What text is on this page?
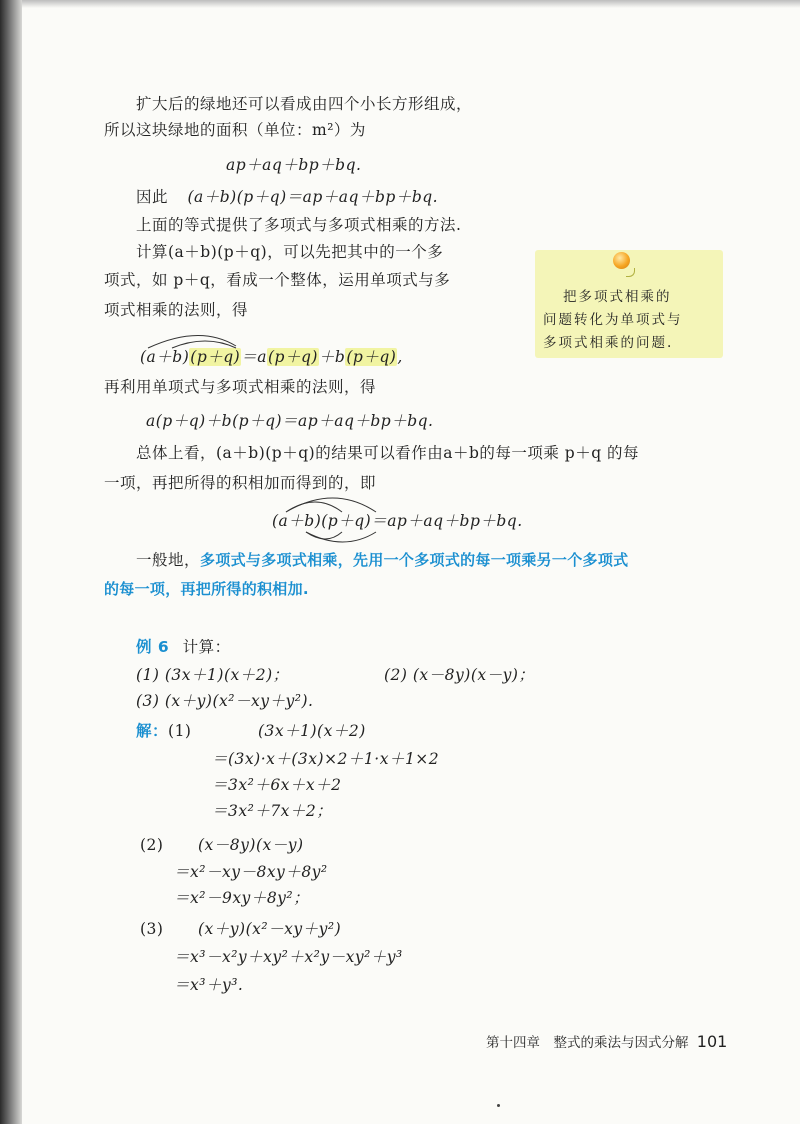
扩大后的绿地还可以看成由四个小长方形组成，
所以这块绿地的面积（单位：m²）为
ap＋aq＋bp＋bq.
因此 (a＋b)(p＋q)＝ap＋aq＋bp＋bq.
上面的等式提供了多项式与多项式相乘的方法.
计算(a＋b)(p＋q)，可以先把其中的一个多
项式，如 p＋q，看成一个整体，运用单项式与多
项式相乘的法则，得
(a＋b)(p＋q)＝a(p＋q)＋b(p＋q),
再利用单项式与多项式相乘的法则，得
a(p＋q)＋b(p＋q)＝ap＋aq＋bp＋bq.
总体上看，(a＋b)(p＋q)的结果可以看作由a＋b的每一项乘 p＋q 的每
一项，再把所得的积相加而得到的，即
(a＋b)(p＋q)＝ap＋aq＋bp＋bq.
一般地，多项式与多项式相乘，先用一个多项式的每一项乘另一个多项式
的每一项，再把所得的积相加.
把多项式相乘的
问题转化为单项式与
多项式相乘的问题.
例 6 计算：
(1) (3x＋1)(x＋2)；	(2) (x－8y)(x－y)；
(3) (x＋y)(x²－xy＋y²).
解：(1)	(3x＋1)(x＋2)
＝(3x)·x＋(3x)×2＋1·x＋1×2
＝3x²＋6x＋x＋2
＝3x²＋7x＋2；
(2) (x－8y)(x－y)
＝x²－xy－8xy＋8y²
＝x²－9xy＋8y²；
(3) (x＋y)(x²－xy＋y²)
＝x³－x²y＋xy²＋x²y－xy²＋y³
＝x³＋y³.
第十四章　整式的乘法与因式分解 101
